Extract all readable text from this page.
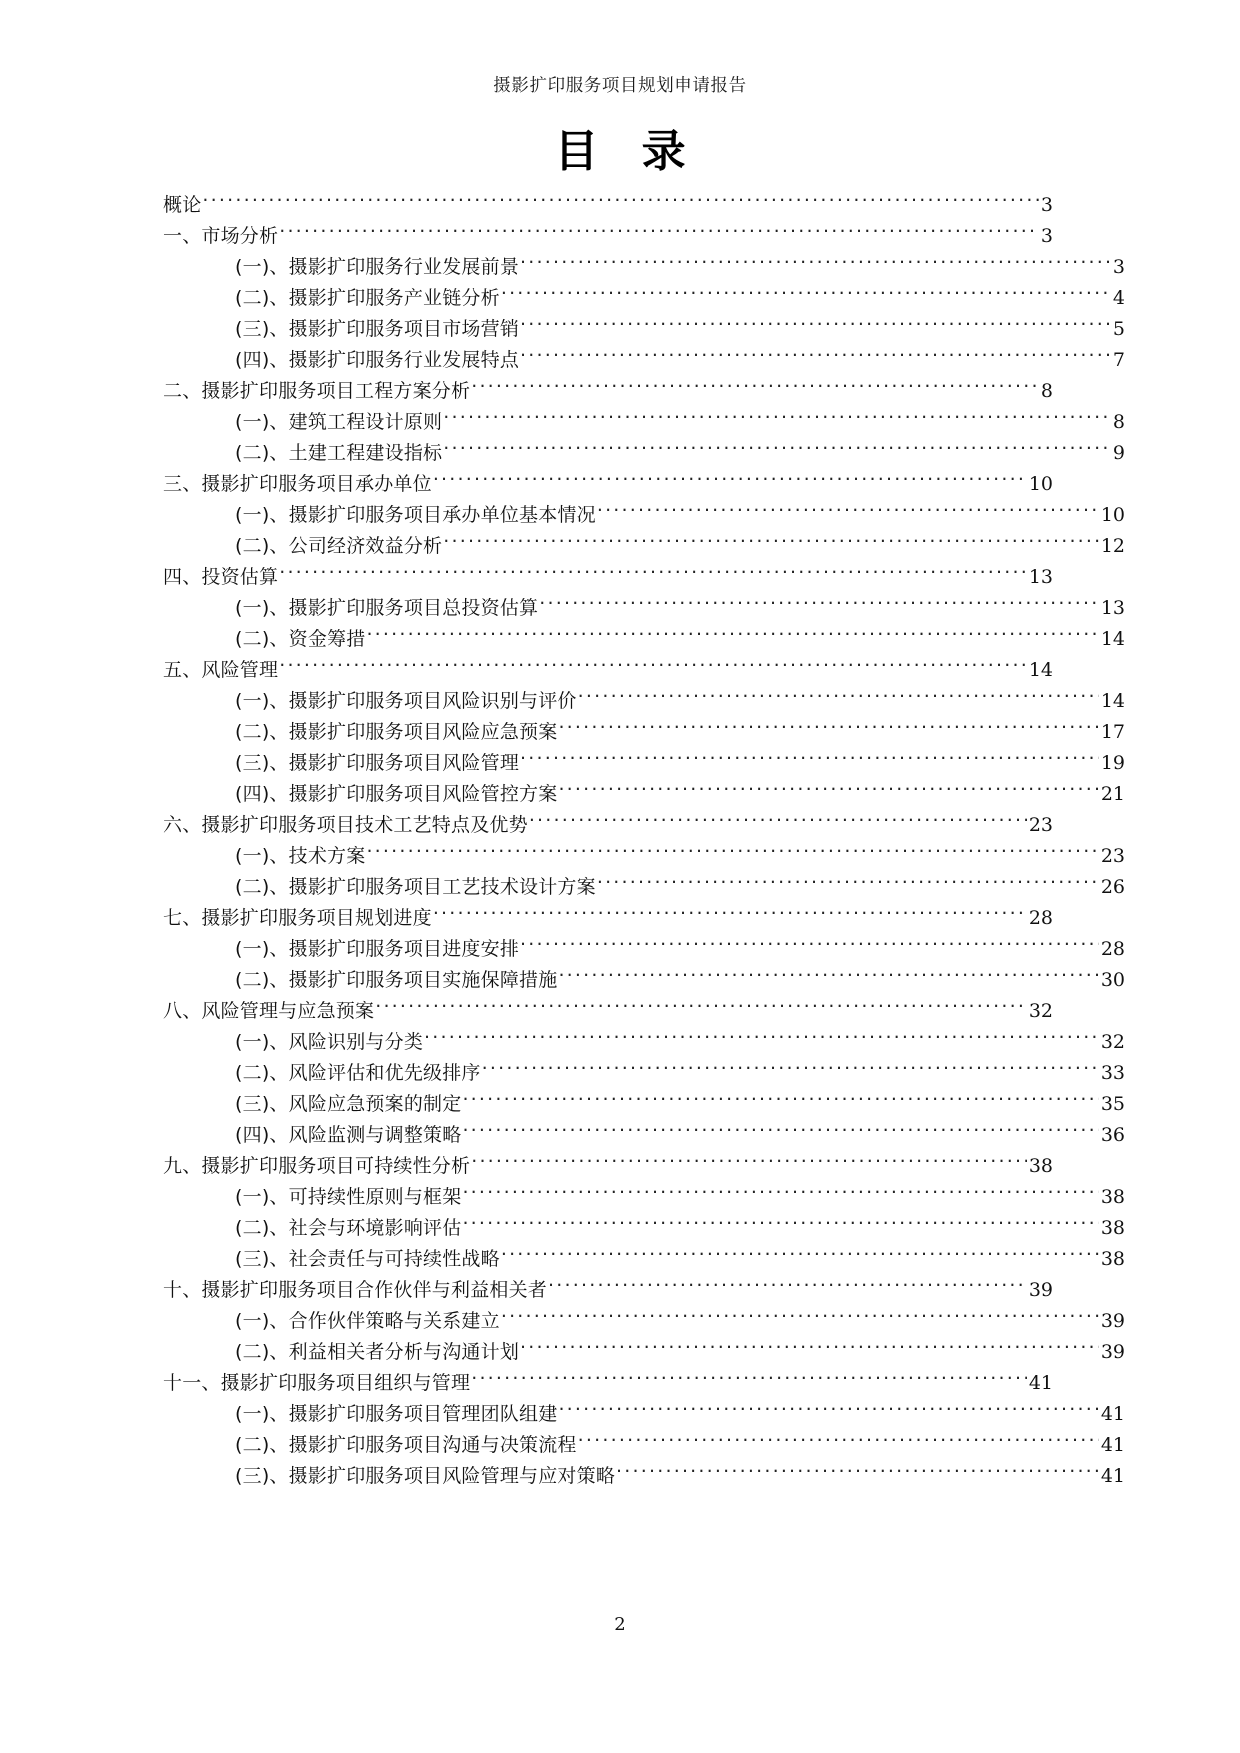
摄影扩印服务项目规划申请报告
目 录
概论 .....	3
一、市场分析 .....	3
(一)、摄影扩印服务行业发展前景 .....	3
(二)、摄影扩印服务产业链分析 .....	4
(三)、摄影扩印服务项目市场营销 .....	5
(四)、摄影扩印服务行业发展特点 .....	7
二、摄影扩印服务项目工程方案分析 .....	8
(一)、建筑工程设计原则 .....	8
(二)、土建工程建设指标 .....	9
三、摄影扩印服务项目承办单位 .....	10
(一)、摄影扩印服务项目承办单位基本情况 .....	10
(二)、公司经济效益分析 .....	12
四、投资估算 .....	13
(一)、摄影扩印服务项目总投资估算 .....	13
(二)、资金筹措 .....	14
五、风险管理 .....	14
(一)、摄影扩印服务项目风险识别与评价 .....	14
(二)、摄影扩印服务项目风险应急预案 .....	17
(三)、摄影扩印服务项目风险管理 .....	19
(四)、摄影扩印服务项目风险管控方案 .....	21
六、摄影扩印服务项目技术工艺特点及优势 .....	23
(一)、技术方案 .....	23
(二)、摄影扩印服务项目工艺技术设计方案 .....	26
七、摄影扩印服务项目规划进度 .....	28
(一)、摄影扩印服务项目进度安排 .....	28
(二)、摄影扩印服务项目实施保障措施 .....	30
八、风险管理与应急预案 .....	32
(一)、风险识别与分类 .....	32
(二)、风险评估和优先级排序 .....	33
(三)、风险应急预案的制定 .....	35
(四)、风险监测与调整策略 .....	36
九、摄影扩印服务项目可持续性分析 .....	38
(一)、可持续性原则与框架 .....	38
(二)、社会与环境影响评估 .....	38
(三)、社会责任与可持续性战略 .....	38
十、摄影扩印服务项目合作伙伴与利益相关者 .....	39
(一)、合作伙伴策略与关系建立 .....	39
(二)、利益相关者分析与沟通计划 .....	39
十一、摄影扩印服务项目组织与管理 .....	41
(一)、摄影扩印服务项目管理团队组建 .....	41
(二)、摄影扩印服务项目沟通与决策流程 .....	41
(三)、摄影扩印服务项目风险管理与应对策略 .....	41
2
